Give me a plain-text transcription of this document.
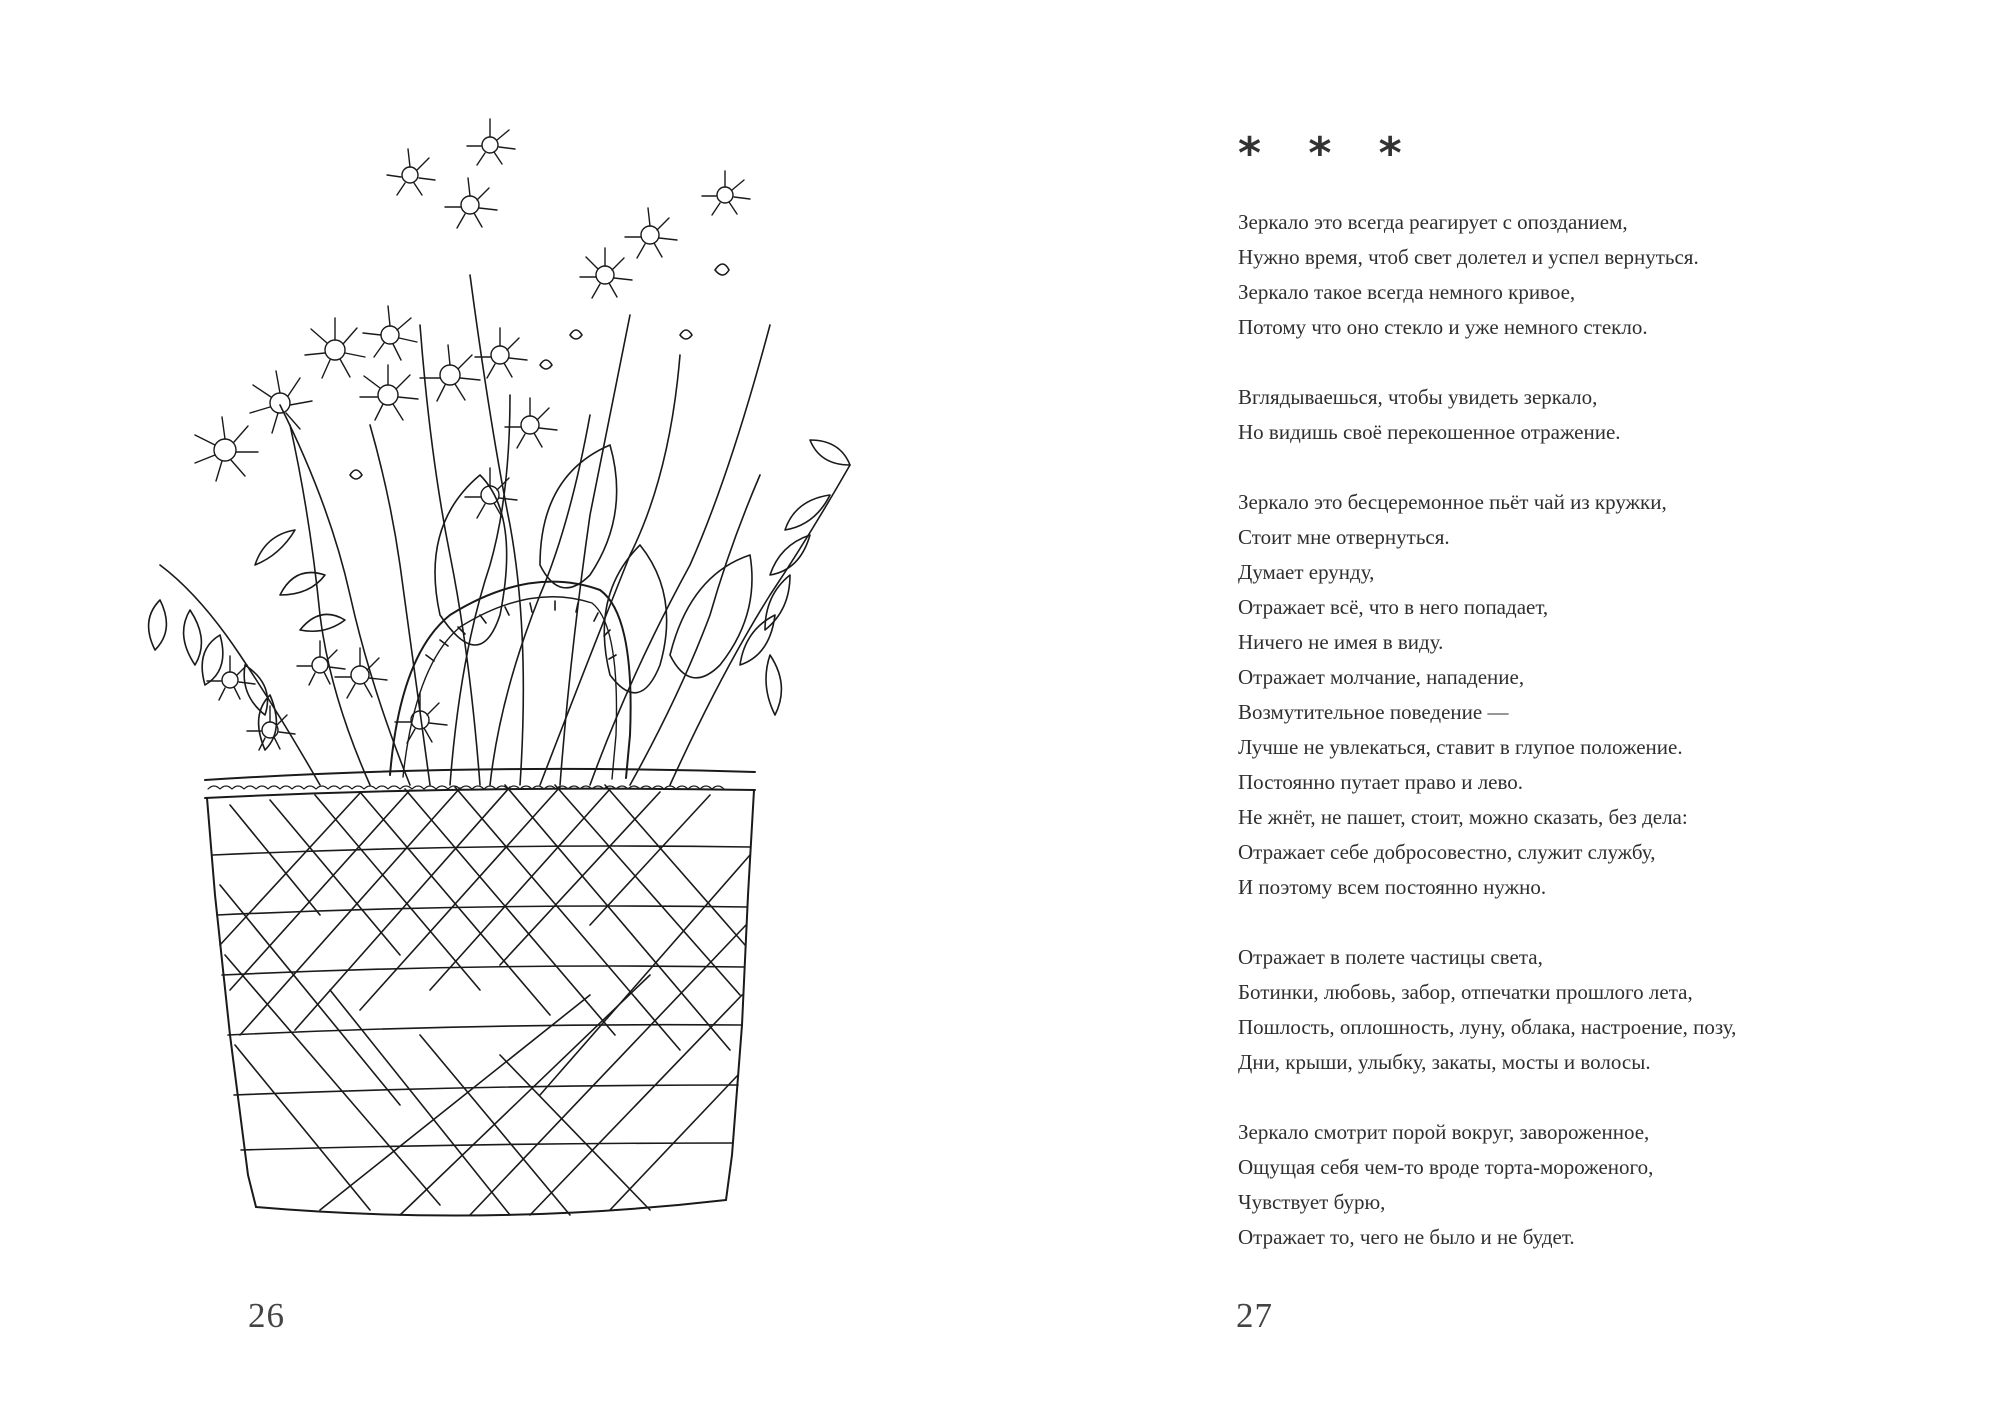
26
* * *
Зеркало это всегда реагирует с опозданием,
Нужно время, чтоб свет долетел и успел вернуться.
Зеркало такое всегда немного кривое,
Потому что оно стекло и уже немного стекло.
Вглядываешься, чтобы увидеть зеркало,
Но видишь своё перекошенное отражение.
Зеркало это бесцеремонное пьёт чай из кружки,
Стоит мне отвернуться.
Думает ерунду,
Отражает всё, что в него попадает,
Ничего не имея в виду.
Отражает молчание, нападение,
Возмутительное поведение —
Лучше не увлекаться, ставит в глупое положение.
Постоянно путает право и лево.
Не жнёт, не пашет, стоит, можно сказать, без дела:
Отражает себе добросовестно, служит службу,
И поэтому всем постоянно нужно.
Отражает в полете частицы света,
Ботинки, любовь, забор, отпечатки прошлого лета,
Пошлость, оплошность, луну, облака, настроение, позу,
Дни, крыши, улыбку, закаты, мосты и волосы.
Зеркало смотрит порой вокруг, завороженное,
Ощущая себя чем-то вроде торта-мороженого,
Чувствует бурю,
Отражает то, чего не было и не будет.
27
